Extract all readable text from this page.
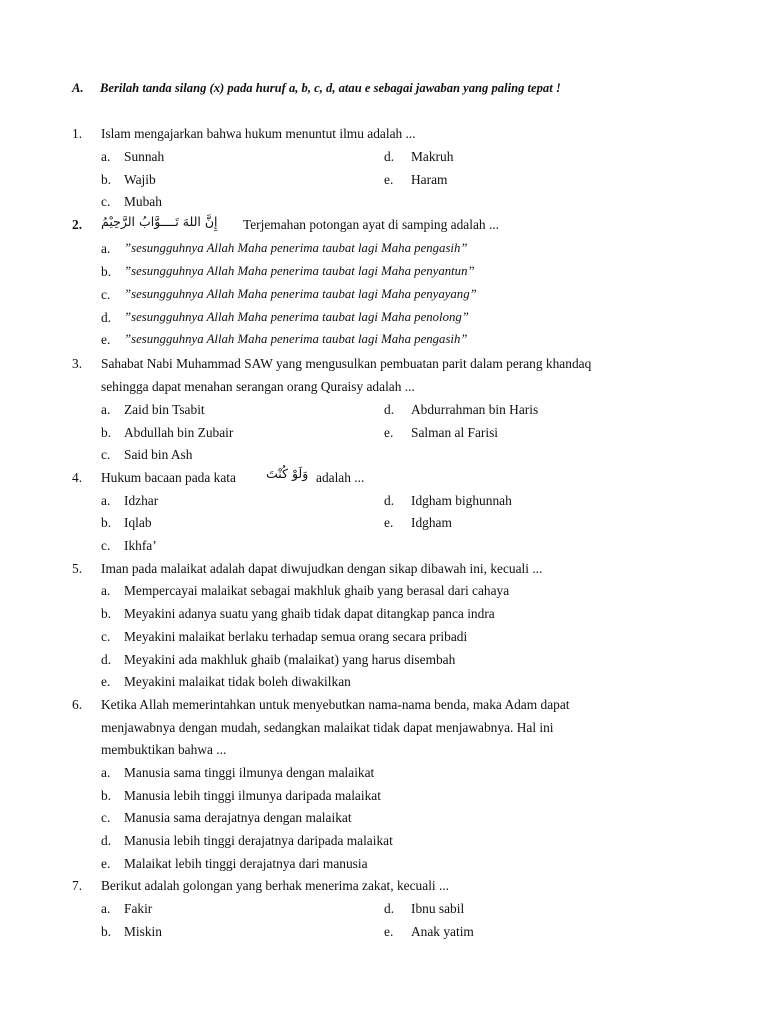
A. Berilah tanda silang (x) pada huruf a, b, c, d, atau e sebagai jawaban yang paling tepat !
1. Islam mengajarkan bahwa hukum menuntut ilmu adalah ...
a. Sunnah
b. Wajib
c. Mubah
d. Makruh
e. Haram
2. إِنَّ اللهَ تَــــوَّابُ الرَّحِيْمُ Terjemahan potongan ayat di samping adalah ...
a. ”sesungguhnya Allah Maha penerima taubat lagi Maha pengasih”
b. ”sesungguhnya Allah Maha penerima taubat lagi Maha penyantun”
c. ”sesungguhnya Allah Maha penerima taubat lagi Maha penyayang”
d. ”sesungguhnya Allah Maha penerima taubat lagi Maha penolong”
e. ”sesungguhnya Allah Maha penerima taubat lagi Maha pengasih”
3. Sahabat Nabi Muhammad SAW yang mengusulkan pembuatan parit dalam perang khandaq
sehingga dapat menahan serangan orang Quraisy adalah ...
a. Zaid bin Tsabit
b. Abdullah bin Zubair
c. Said bin Ash
d. Abdurrahman bin Haris
e. Salman al Farisi
4. Hukum bacaan pada kata وَلَوْ كُنْتَ adalah ...
a. Idzhar
b. Iqlab
c. Ikhfa’
d. Idgham bighunnah
e. Idgham
5. Iman pada malaikat adalah dapat diwujudkan dengan sikap dibawah ini, kecuali ...
a. Mempercayai malaikat sebagai makhluk ghaib yang berasal dari cahaya
b. Meyakini adanya suatu yang ghaib tidak dapat ditangkap panca indra
c. Meyakini malaikat berlaku terhadap semua orang secara pribadi
d. Meyakini ada makhluk ghaib (malaikat) yang harus disembah
e. Meyakini malaikat tidak boleh diwakilkan
6. Ketika Allah memerintahkan untuk menyebutkan nama-nama benda, maka Adam dapat
menjawabnya dengan mudah, sedangkan malaikat tidak dapat menjawabnya. Hal ini
membuktikan bahwa ...
a. Manusia sama tinggi ilmunya dengan malaikat
b. Manusia lebih tinggi ilmunya daripada malaikat
c. Manusia sama derajatnya dengan malaikat
d. Manusia lebih tinggi derajatnya daripada malaikat
e. Malaikat lebih tinggi derajatnya dari manusia
7. Berikut adalah golongan yang berhak menerima zakat, kecuali ...
a. Fakir
b. Miskin
d. Ibnu sabil
e. Anak yatim
